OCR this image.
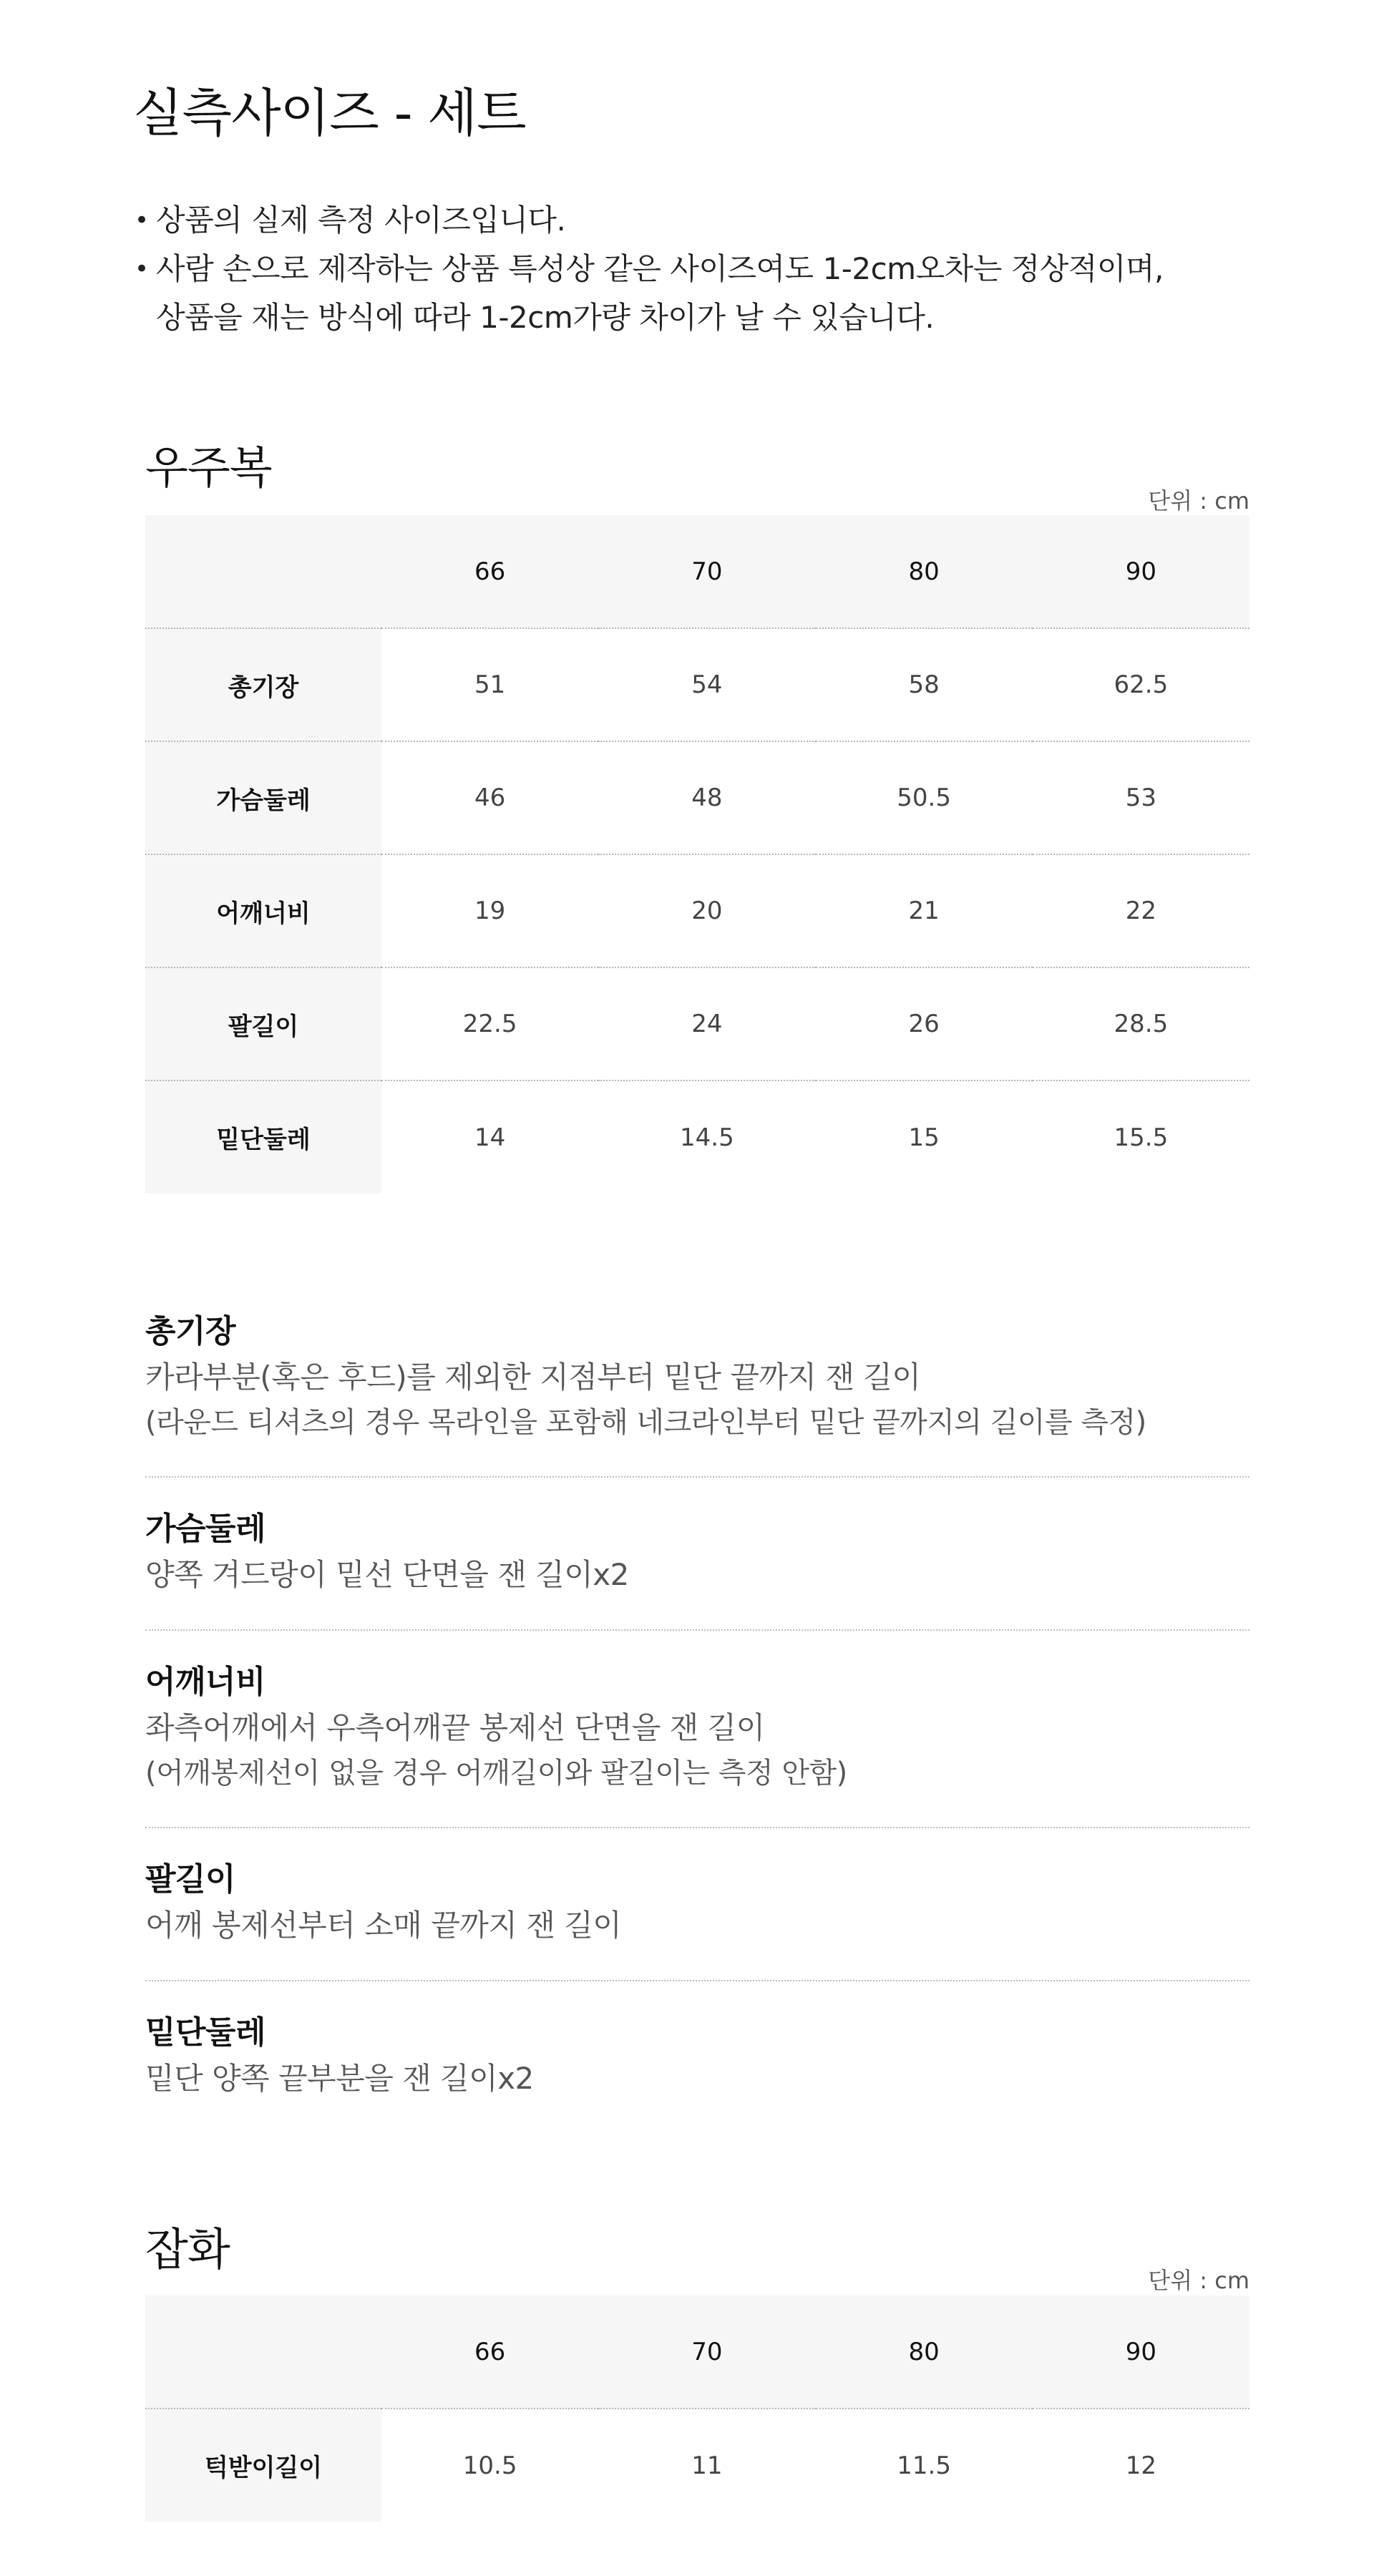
실측사이즈 - 세트
• 상품의 실제 측정 사이즈입니다.
• 사람 손으로 제작하는 상품 특성상 같은 사이즈여도 1-2cm오차는 정상적이며,
상품을 재는 방식에 따라 1-2cm가량 차이가 날 수 있습니다.
우주복
단위 : cm
	66	70	80	90
총기장	51	54	58	62.5
가슴둘레	46	48	50.5	53
어깨너비	19	20	21	22
팔길이	22.5	24	26	28.5
밑단둘레	14	14.5	15	15.5
총기장
카라부분(혹은 후드)를 제외한 지점부터 밑단 끝까지 잰 길이
(라운드 티셔츠의 경우 목라인을 포함해 네크라인부터 밑단 끝까지의 길이를 측정)
가슴둘레
양쪽 겨드랑이 밑선 단면을 잰 길이x2
어깨너비
좌측어깨에서 우측어깨끝 봉제선 단면을 잰 길이
(어깨봉제선이 없을 경우 어깨길이와 팔길이는 측정 안함)
팔길이
어깨 봉제선부터 소매 끝까지 잰 길이
밑단둘레
밑단 양쪽 끝부분을 잰 길이x2
잡화
단위 : cm
	66	70	80	90
턱받이길이	10.5	11	11.5	12
